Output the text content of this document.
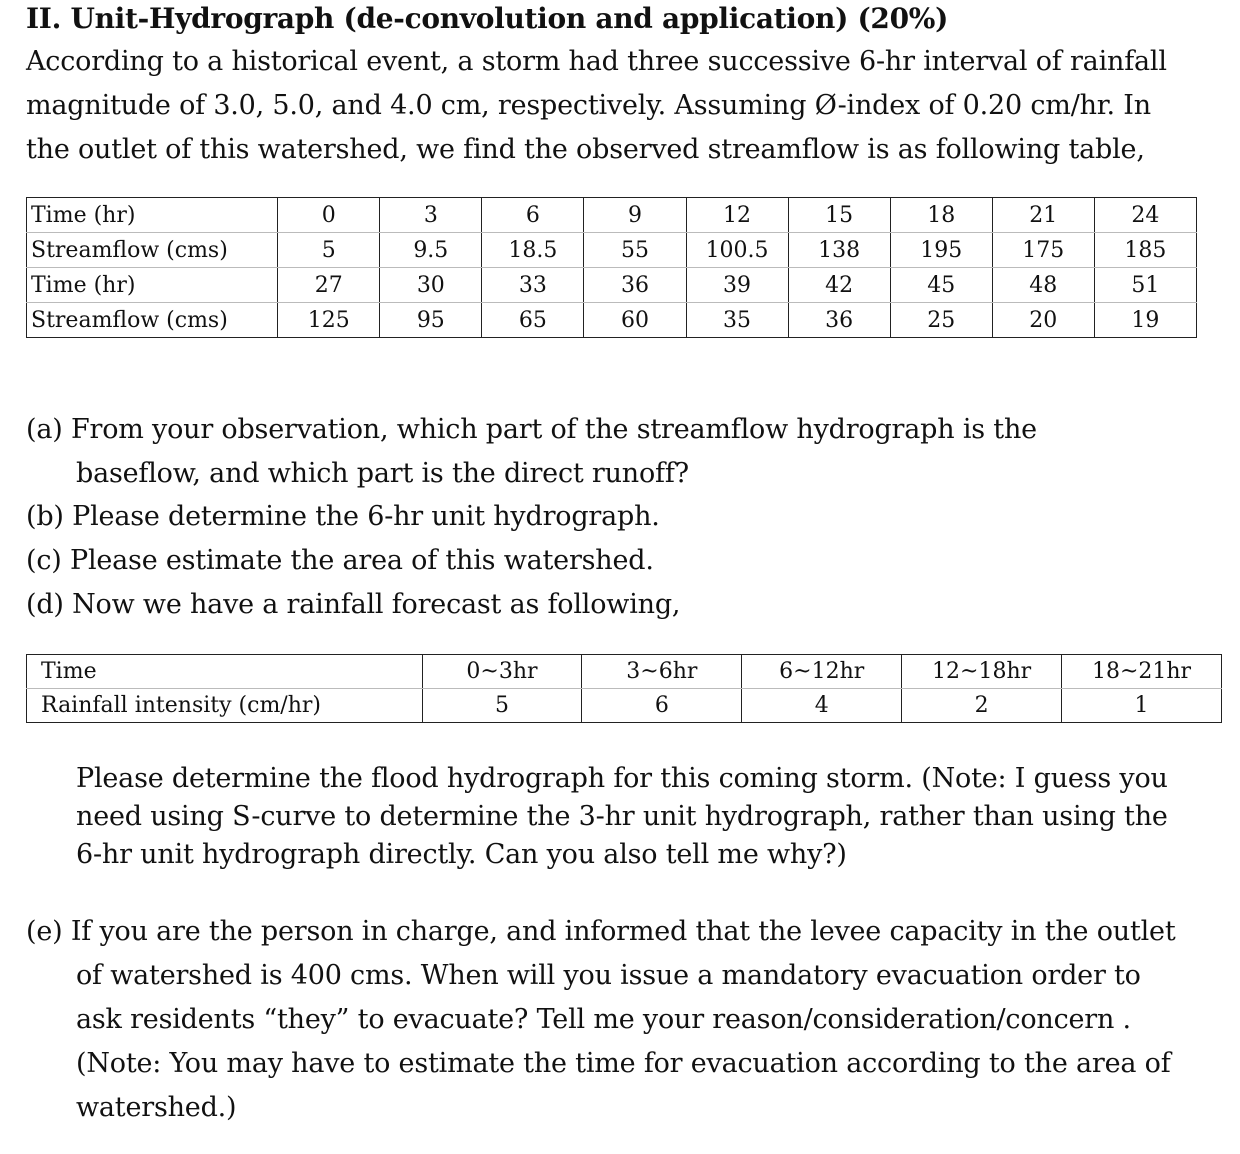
II. Unit-Hydrograph (de-convolution and application) (20%)
According to a historical event, a storm had three successive 6-hr interval of rainfall
magnitude of 3.0, 5.0, and 4.0 cm, respectively. Assuming Ø-index of 0.20 cm/hr. In
the outlet of this watershed, we find the observed streamflow is as following table,
Time (hr)	0	3	6	9	12	15	18	21	24
Streamflow (cms)	5	9.5	18.5	55	100.5	138	195	175	185
Time (hr)	27	30	33	36	39	42	45	48	51
Streamflow (cms)	125	95	65	60	35	36	25	20	19
(a) From your observation, which part of the streamflow hydrograph is the
baseflow, and which part is the direct runoff?
(b) Please determine the 6-hr unit hydrograph.
(c) Please estimate the area of this watershed.
(d) Now we have a rainfall forecast as following,
Time	0~3hr	3~6hr	6~12hr	12~18hr	18~21hr
Rainfall intensity (cm/hr)	5	6	4	2	1
Please determine the flood hydrograph for this coming storm. (Note: I guess you
need using S-curve to determine the 3-hr unit hydrograph, rather than using the
6-hr unit hydrograph directly. Can you also tell me why?)
(e) If you are the person in charge, and informed that the levee capacity in the outlet
of watershed is 400 cms. When will you issue a mandatory evacuation order to
ask residents “they” to evacuate? Tell me your reason/consideration/concern .
(Note: You may have to estimate the time for evacuation according to the area of
watershed.)
